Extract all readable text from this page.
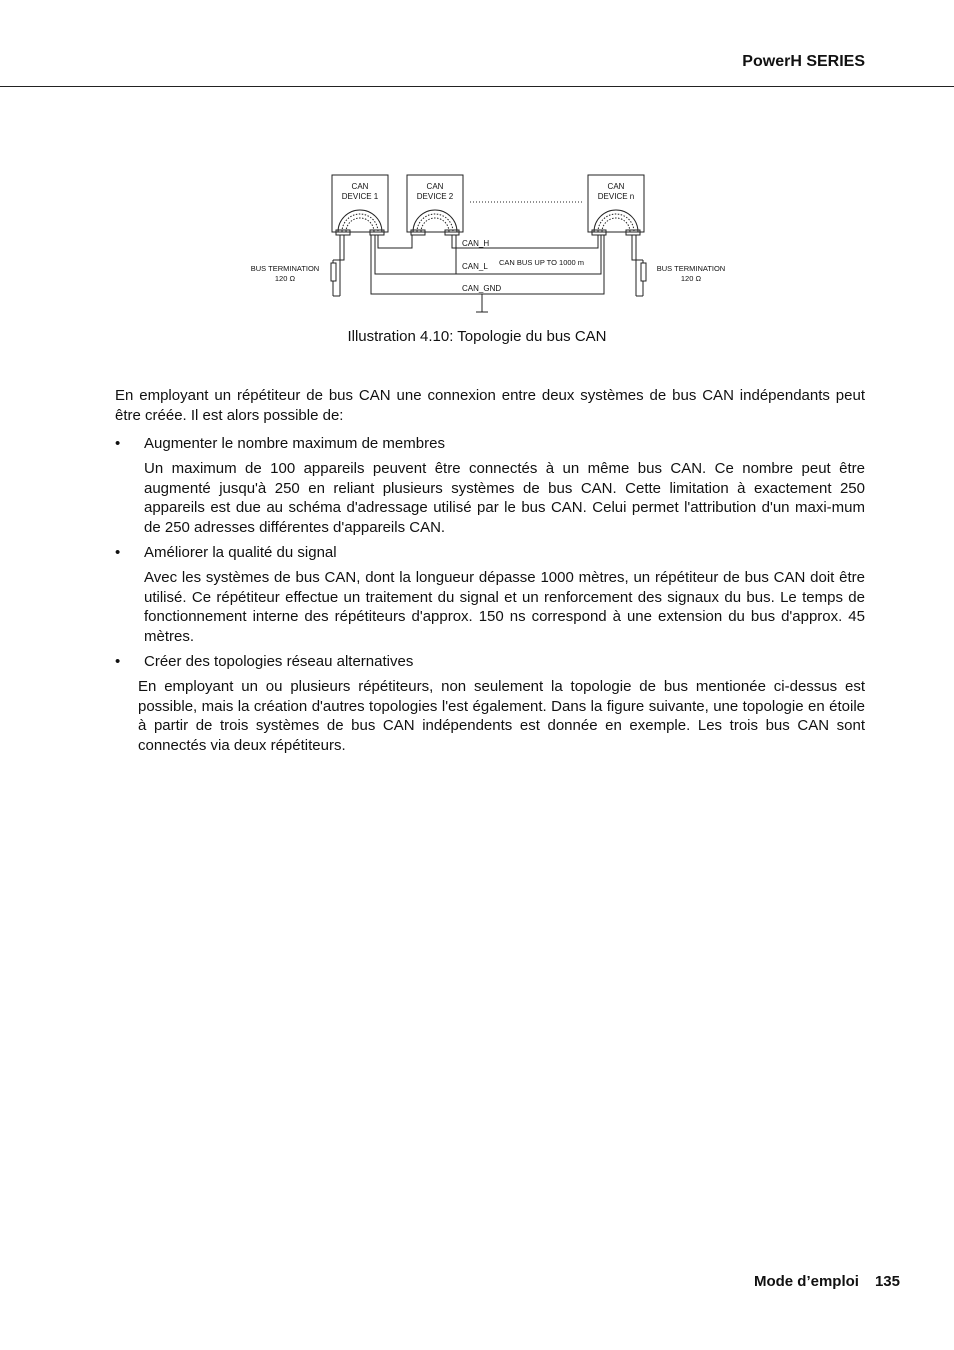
PowerH SERIES
CAN
DEVICE 1
CAN
DEVICE 2
CAN
DEVICE n
CAN_H
CAN_L CAN BUS UP TO 1000 m
CAN_GND
BUS TERMINATION
120 Ω
BUS TERMINATION
120 Ω
Illustration 4.10: Topologie du bus CAN

En employant un répétiteur de bus CAN une connexion entre deux systèmes de bus CAN indépendants peut être créée. Il est alors possible de:

• Augmenter le nombre maximum de membres

Un maximum de 100 appareils peuvent être connectés à un même bus CAN. Ce nombre peut être augmenté jusqu'à 250 en reliant plusieurs systèmes de bus CAN. Cette limitation à exactement 250 appareils est due au schéma d'adressage utilisé par le bus CAN. Celui permet l'attribution d'un maxi-mum de 250 adresses différentes d'appareils CAN.

• Améliorer la qualité du signal

Avec les systèmes de bus CAN, dont la longueur dépasse 1000 mètres, un répétiteur de bus CAN doit être utilisé. Ce répétiteur effectue un traitement du signal et un renforcement des signaux du bus. Le temps de fonctionnement interne des répétiteurs d'approx. 150 ns correspond à une extension du bus d'approx. 45 mètres.

• Créer des topologies réseau alternatives

En employant un ou plusieurs répétiteurs, non seulement la topologie de bus mentionée ci-dessus est possible, mais la création d'autres topologies l'est également. Dans la figure suivante, une topologie en étoile à partir de trois systèmes de bus CAN indépendents est donnée en exemple. Les trois bus CAN sont connectés via deux répétiteurs.

Mode d’emploi 135
